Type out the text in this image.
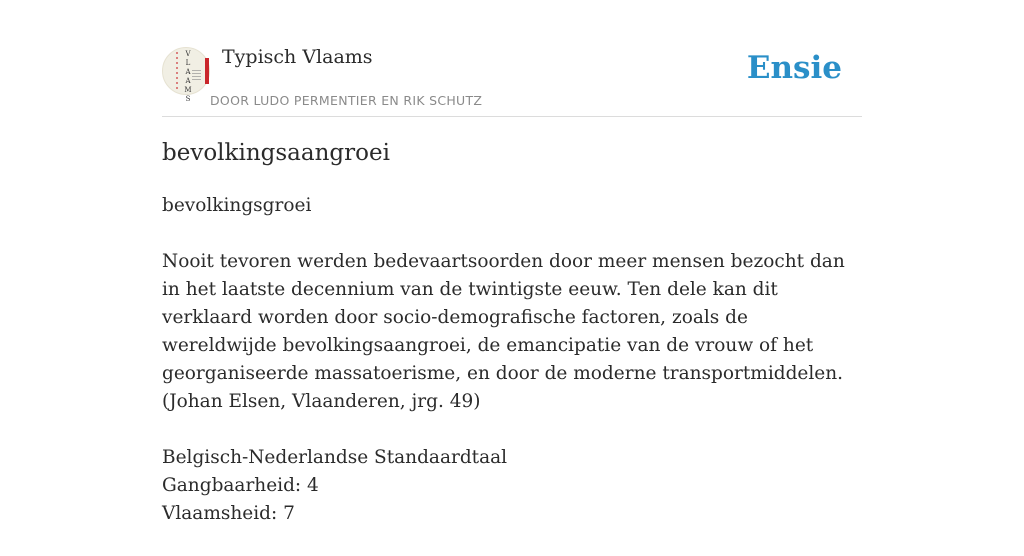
V
L
A
A
M
S
Typisch Vlaams
DOOR LUDO PERMENTIER EN RIK SCHUTZ
Ensie
bevolkingsaangroei

bevolkingsgroei

Nooit tevoren werden bedevaartsoorden door meer mensen bezocht dan in het laatste decennium van de twintigste eeuw. Ten dele kan dit verklaard worden door socio-demografische factoren, zoals de wereldwijde bevolkingsaangroei, de emancipatie van de vrouw of het georganiseerde massatoerisme, en door de moderne transportmiddelen.
(Johan Elsen, Vlaanderen, jrg. 49)

Belgisch-Nederlandse Standaardtaal
Gangbaarheid: 4
Vlaamsheid: 7
